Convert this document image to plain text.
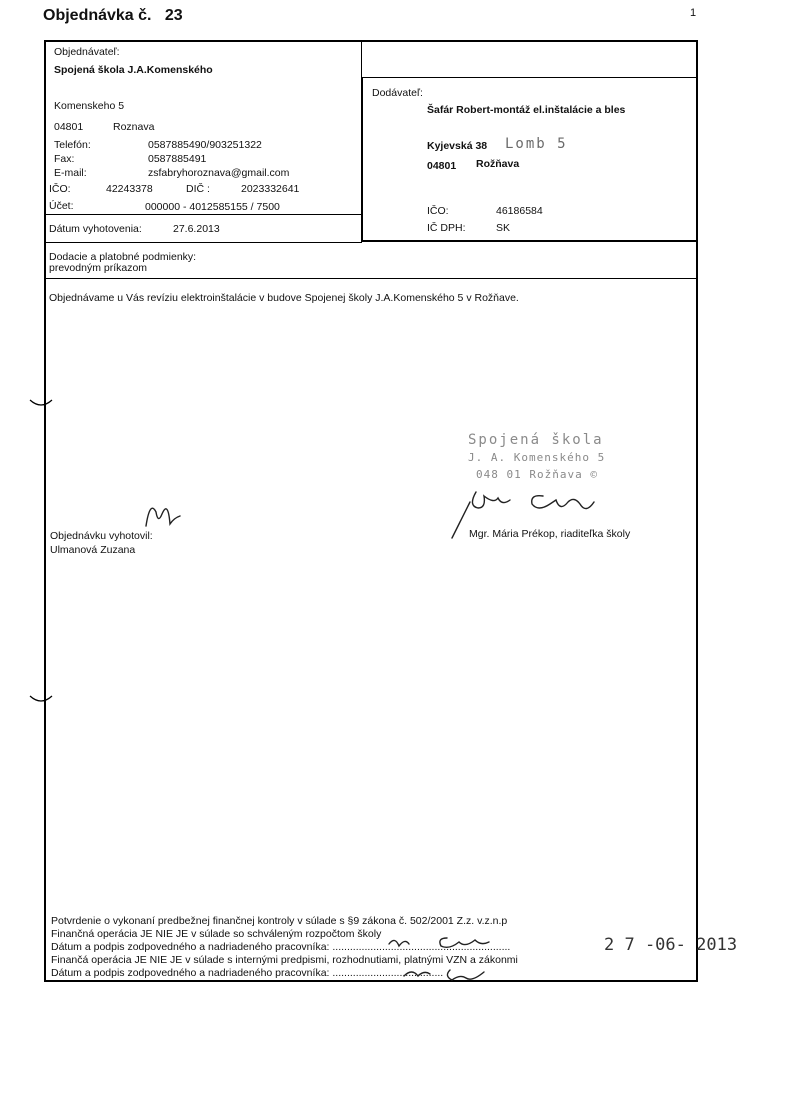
Objednávka č. 23	1
Objednávateľ:
Spojená škola J.A.Komenského
Komenskeho 5
04801	Roznava
Telefón:	0587885490/903251322
Fax:	0587885491
E-mail:	zsfabryhoroznava@gmail.com
IČO:	42243378	DIČ :	2023332641
Účet:	000000 - 4012585155 / 7500
Dátum vyhotovenia:	27.6.2013
Dodávateľ:
Šafár Robert-montáž el.inštalácie a bles
Kyjevská 38 Lomb 5
04801 Rožňava
IČO:	46186584
IČ DPH:	SK
Dodacie a platobné podmienky:
prevodným príkazom
Objednávame u Vás revíziu elektroinštalácie v budove Spojenej školy J.A.Komenského 5 v Rožňave.
Spojená škola
J. A. Komenského 5
048 01 Rožňava ©
Objednávku vyhotovil:
Ulmanová Zuzana
Mgr. Mária Prékop, riaditeľka školy
Potvrdenie o vykonaní predbežnej finančnej kontroly v súlade s §9 zákona č. 502/2001 Z.z. v.z.n.p
Finančná operácia JE NIE JE v súlade so schváleným rozpočtom školy
Dátum a podpis zodpovedného a nadriadeného pracovníka: .............................................................	2 7 -06- 2013
Finančá operácia JE NIE JE v súlade s internými predpismi, rozhodnutiami, platnými VZN a zákonmi
Dátum a podpis zodpovedného a nadriadeného pracovníka: ......................................
